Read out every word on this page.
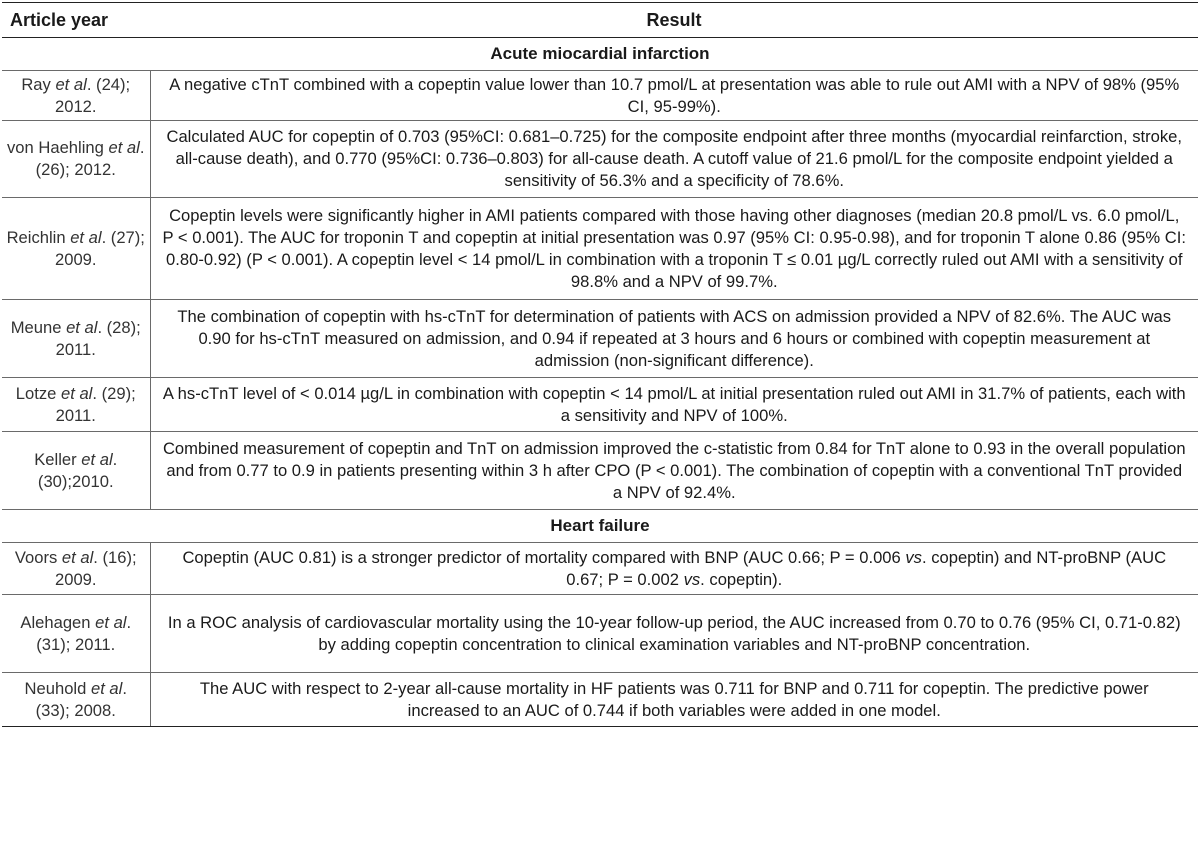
Article year	Result
Acute miocardial infarction	
Ray et al. (24); 2012.	A negative cTnT combined with a copeptin value lower than 10.7 pmol/L at presentation was able to rule out AMI with a NPV of 98% (95% CI, 95-99%).
von Haehling et al. (26); 2012.	Calculated AUC for copeptin of 0.703 (95%CI: 0.681–0.725) for the composite endpoint after three months (myocardial reinfarction, stroke, all-cause death), and 0.770 (95%CI: 0.736–0.803) for all-cause death. A cutoff value of 21.6 pmol/L for the composite endpoint yielded a sensitivity of 56.3% and a specificity of 78.6%.
Reichlin et al. (27); 2009.	Copeptin levels were significantly higher in AMI patients compared with those having other diagnoses (median 20.8 pmol/L vs. 6.0 pmol/L, P < 0.001). The AUC for troponin T and copeptin at initial presentation was 0.97 (95% CI: 0.95-0.98), and for troponin T alone 0.86 (95% CI: 0.80-0.92) (P < 0.001). A copeptin level < 14 pmol/L in combination with a troponin T ≤ 0.01 µg/L correctly ruled out AMI with a sensitivity of 98.8% and a NPV of 99.7%.
Meune et al. (28); 2011.	The combination of copeptin with hs-cTnT for determination of patients with ACS on admission provided a NPV of 82.6%. The AUC was 0.90 for hs-cTnT measured on admission, and 0.94 if repeated at 3 hours and 6 hours or combined with copeptin measurement at admission (non-significant difference).
Lotze et al. (29); 2011.	A hs-cTnT level of < 0.014 µg/L in combination with copeptin < 14 pmol/L at initial presentation ruled out AMI in 31.7% of patients, each with a sensitivity and NPV of 100%.
Keller et al. (30);2010.	Combined measurement of copeptin and TnT on admission improved the c-statistic from 0.84 for TnT alone to 0.93 in the overall population and from 0.77 to 0.9 in patients presenting within 3 h after CPO (P < 0.001). The combination of copeptin with a conventional TnT provided a NPV of 92.4%.
Heart failure	
Voors et al. (16); 2009.	Copeptin (AUC 0.81) is a stronger predictor of mortality compared with BNP (AUC 0.66; P = 0.006 vs. copeptin) and NT-proBNP (AUC 0.67; P = 0.002 vs. copeptin).
Alehagen et al. (31); 2011.	In a ROC analysis of cardiovascular mortality using the 10-year follow-up period, the AUC increased from 0.70 to 0.76 (95% CI, 0.71-0.82) by adding copeptin concentration to clinical examination variables and NT-proBNP concentration.
Neuhold et al. (33); 2008.	The AUC with respect to 2-year all-cause mortality in HF patients was 0.711 for BNP and 0.711 for copeptin. The predictive power increased to an AUC of 0.744 if both variables were added in one model.
